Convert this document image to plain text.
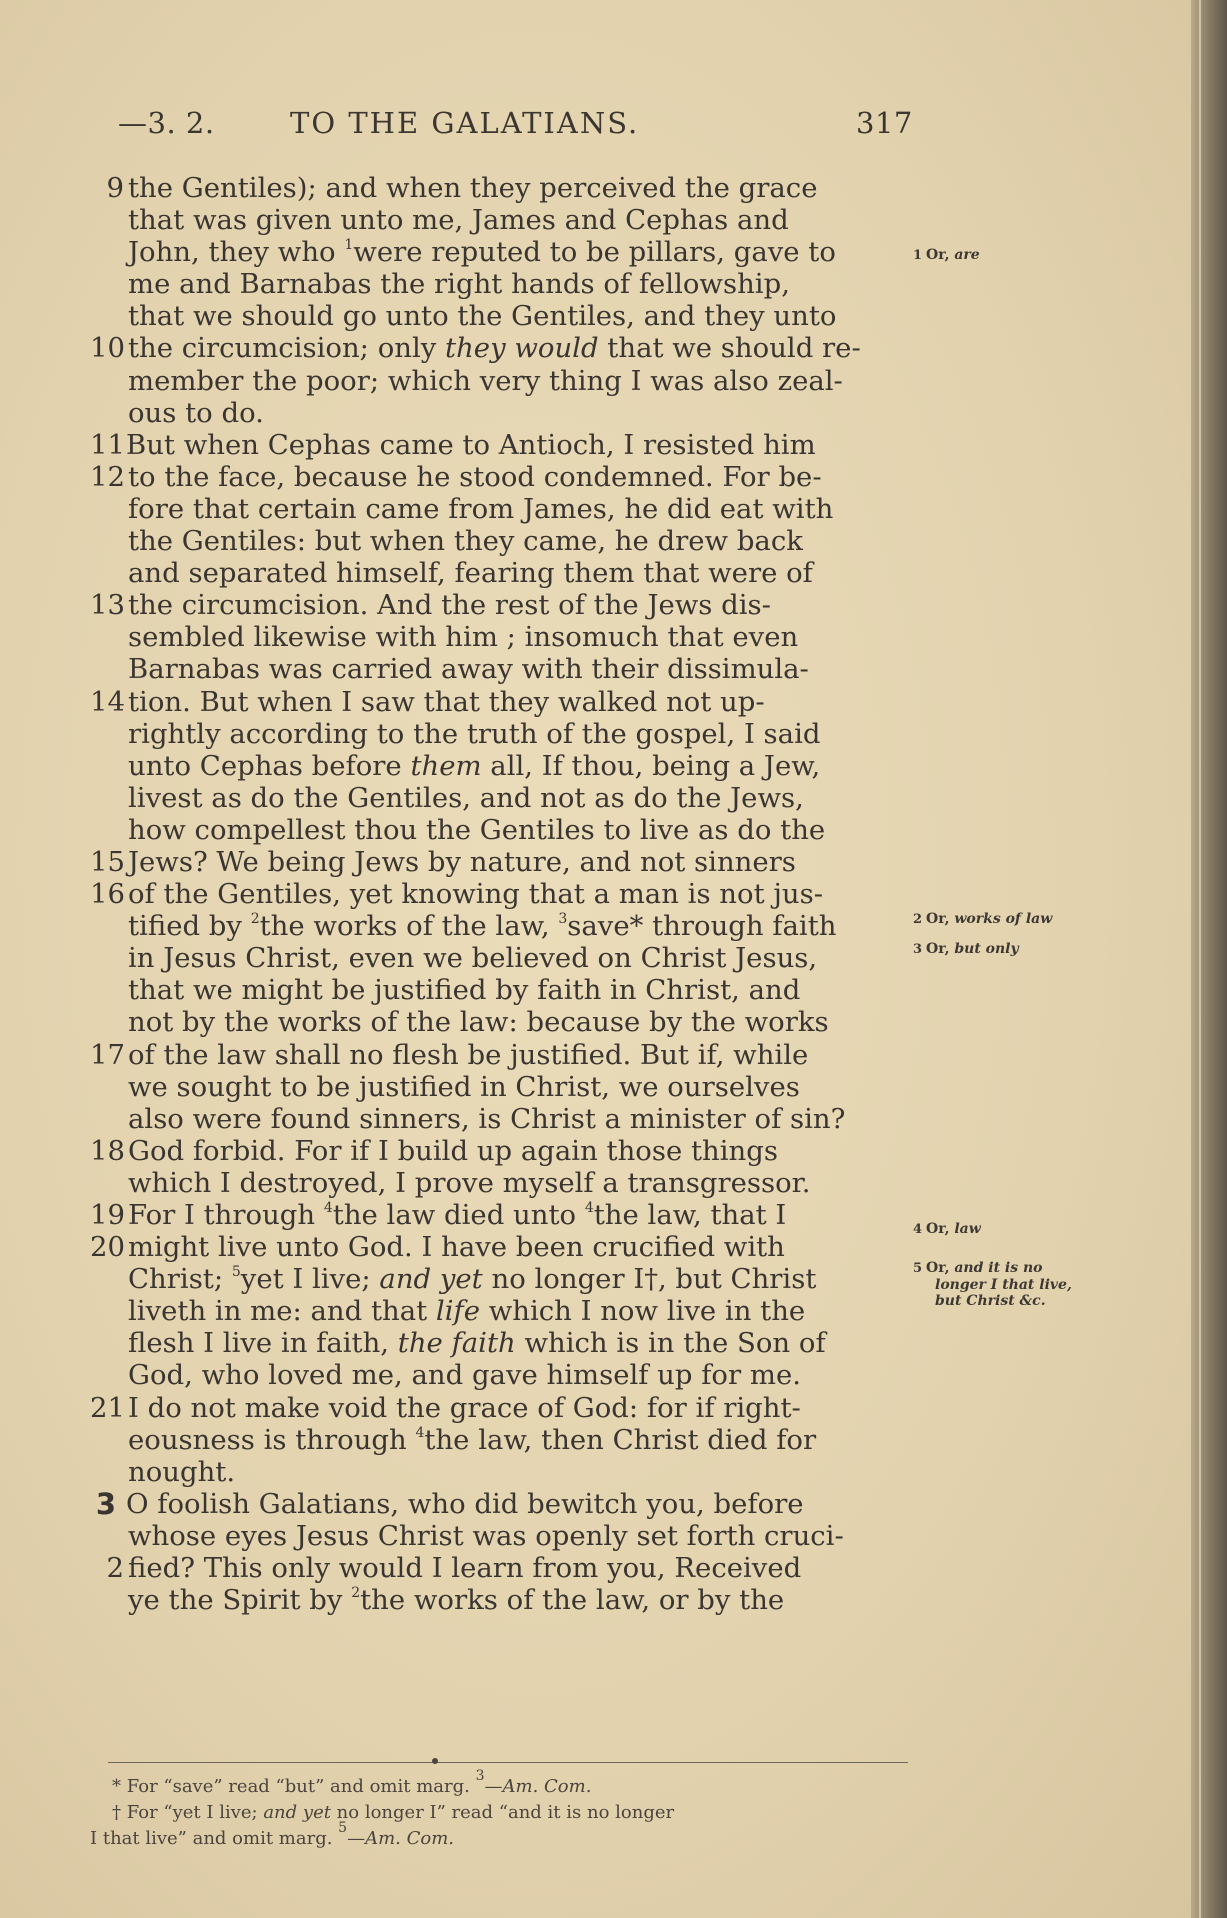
—3. 2.	TO THE GALATIANS.	317
9 the Gentiles); and when they perceived the grace
that was given unto me, James and Cephas and
John, they who $^1$were reputed to be pillars, gave to
me and Barnabas the right hands of fellowship,
that we should go unto the Gentiles, and they unto
10 the circumcision; only they would that we should re-
member the poor; which very thing I was also zeal-
ous to do.
11 But when Cephas came to Antioch, I resisted him
12 to the face, because he stood condemned. For be-
fore that certain came from James, he did eat with
the Gentiles: but when they came, he drew back
and separated himself, fearing them that were of
13 the circumcision. And the rest of the Jews dis-
sembled likewise with him ; insomuch that even
Barnabas was carried away with their dissimula-
14 tion. But when I saw that they walked not up-
rightly according to the truth of the gospel, I said
unto Cephas before them all, If thou, being a Jew,
livest as do the Gentiles, and not as do the Jews,
how compellest thou the Gentiles to live as do the
15 Jews? We being Jews by nature, and not sinners
16 of the Gentiles, yet knowing that a man is not jus-
tified by $^2$the works of the law, $^3$save* through faith
in Jesus Christ, even we believed on Christ Jesus,
that we might be justified by faith in Christ, and
not by the works of the law: because by the works
17 of the law shall no flesh be justified. But if, while
we sought to be justified in Christ, we ourselves
also were found sinners, is Christ a minister of sin?
18 God forbid. For if I build up again those things
which I destroyed, I prove myself a transgressor.
19 For I through $^4$the law died unto $^4$the law, that I
20 might live unto God. I have been crucified with
Christ; $^5$yet I live; and yet no longer I†, but Christ
liveth in me: and that life which I now live in the
flesh I live in faith, the faith which is in the Son of
God, who loved me, and gave himself up for me.
21 I do not make void the grace of God: for if right-
eousness is through $^4$the law, then Christ died for
nought.
3 O foolish Galatians, who did bewitch you, before
whose eyes Jesus Christ was openly set forth cruci-
2 fied? This only would I learn from you, Received
ye the Spirit by $^2$the works of the law, or by the
1 Or, are
2 Or, works of law
3 Or, but only
4 Or, law
5 Or, and it is no
longer I that live,
but Christ &c.
* For “save” read “but” and omit marg. $^3$—Am. Com.
† For “yet I live; and yet no longer I” read “and it is no longer
I that live” and omit marg. $^5$—Am. Com.
